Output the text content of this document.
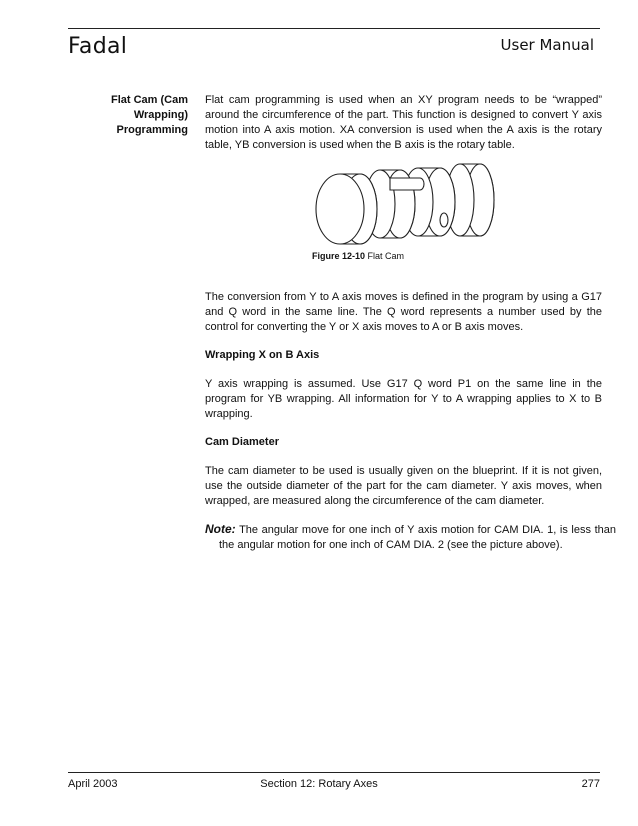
Fadal	User Manual
Flat Cam (Cam
Wrapping)
Programming
Flat cam programming is used when an XY program needs to be “wrapped” around the circumference of the part. This function is designed to convert Y axis motion into A axis motion. XA conversion is used when the A axis is the rotary table, YB conversion is used when the B axis is the rotary table.
Figure 12-10 Flat Cam
The conversion from Y to A axis moves is defined in the program by using a G17 and Q word in the same line. The Q word represents a number used by the control for converting the Y or X axis moves to A or B axis moves.
Wrapping X on B Axis
Y axis wrapping is assumed. Use G17 Q word P1 on the same line in the program for YB wrapping. All information for Y to A wrapping applies to X to B wrapping.
Cam Diameter
The cam diameter to be used is usually given on the blueprint. If it is not given, use the outside diameter of the part for the cam diameter. Y axis moves, when wrapped, are measured along the circumference of the cam diameter.
Note: The angular move for one inch of Y axis motion for CAM DIA. 1, is less than the angular motion for one inch of CAM DIA. 2 (see the picture above).
April 2003	Section 12: Rotary Axes	277
